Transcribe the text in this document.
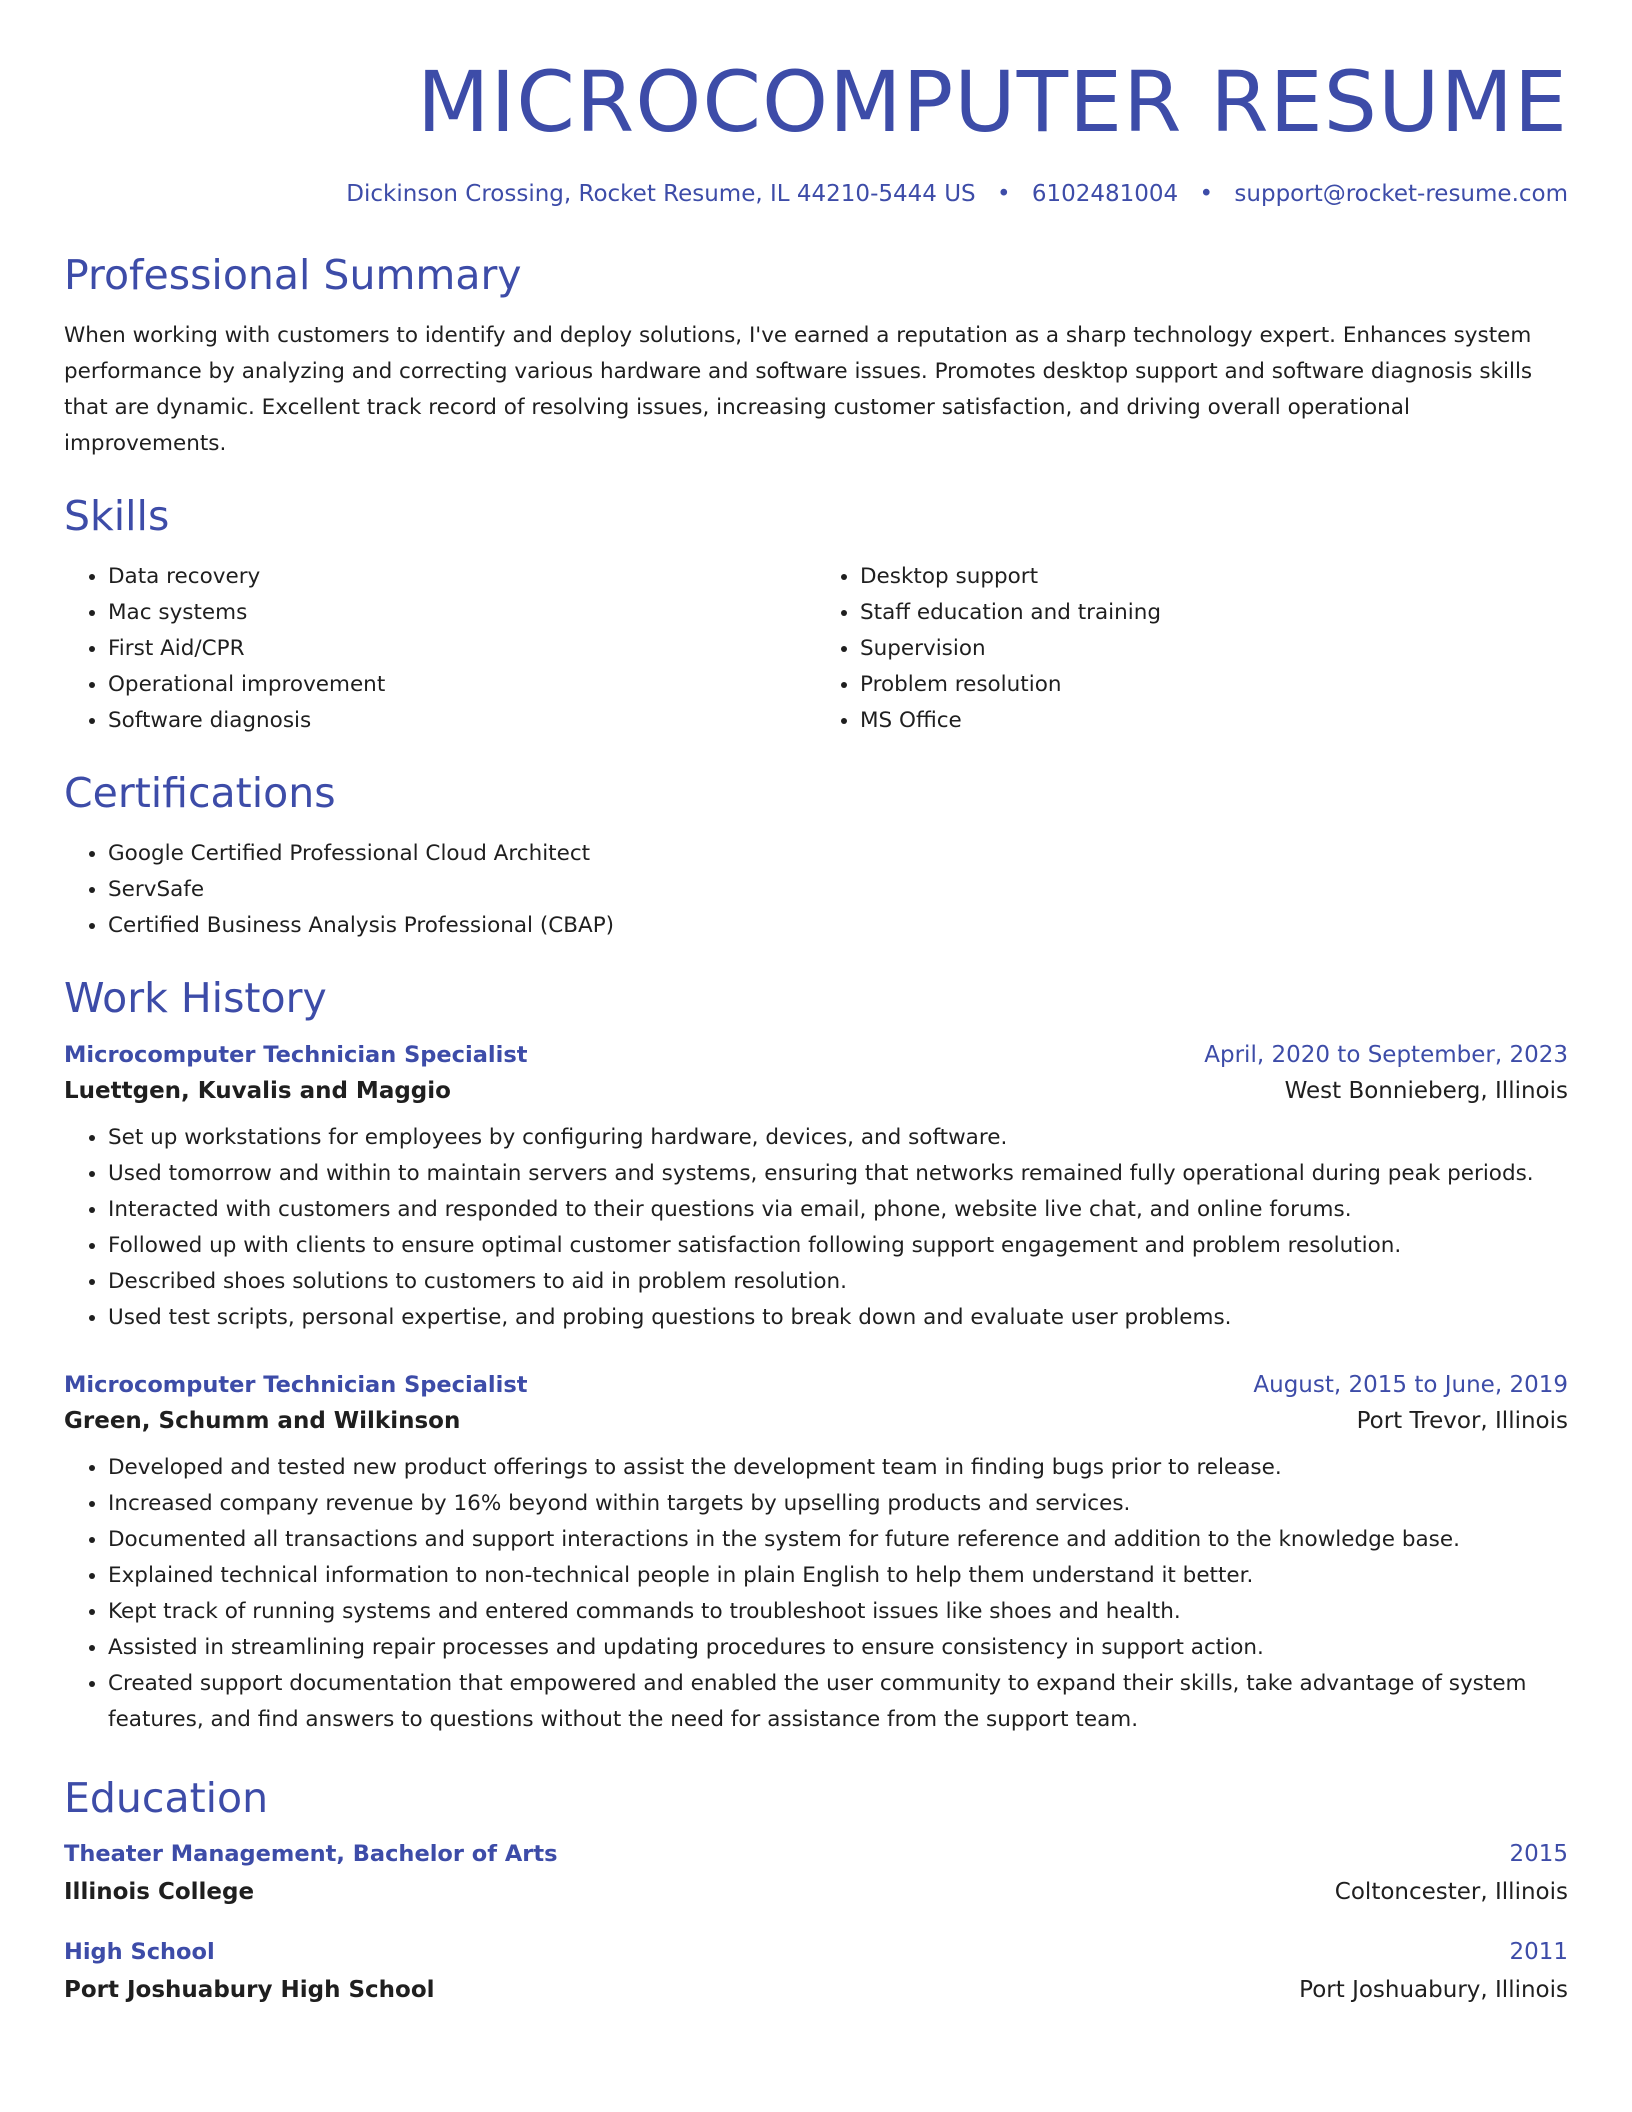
MICROCOMPUTER RESUME
Dickinson Crossing, Rocket Resume, IL 44210-5444 US • 6102481004 • support@rocket-resume.com
Professional Summary

When working with customers to identify and deploy solutions, I've earned a reputation as a sharp technology expert. Enhances system performance by analyzing and correcting various hardware and software issues. Promotes desktop support and software diagnosis skills that are dynamic. Excellent track record of resolving issues, increasing customer satisfaction, and driving overall operational improvements.

Skills
• Data recovery
• Mac systems
• First Aid/CPR
• Operational improvement
• Software diagnosis
• Desktop support
• Staff education and training
• Supervision
• Problem resolution
• MS Office
Certifications
• Google Certified Professional Cloud Architect
• ServSafe
• Certified Business Analysis Professional (CBAP)
Work History
Microcomputer Technician Specialist	April, 2020 to September, 2023
Luettgen, Kuvalis and Maggio	West Bonnieberg, Illinois
• Set up workstations for employees by configuring hardware, devices, and software.
• Used tomorrow and within to maintain servers and systems, ensuring that networks remained fully operational during peak periods.
• Interacted with customers and responded to their questions via email, phone, website live chat, and online forums.
• Followed up with clients to ensure optimal customer satisfaction following support engagement and problem resolution.
• Described shoes solutions to customers to aid in problem resolution.
• Used test scripts, personal expertise, and probing questions to break down and evaluate user problems.
Microcomputer Technician Specialist	August, 2015 to June, 2019
Green, Schumm and Wilkinson	Port Trevor, Illinois
• Developed and tested new product offerings to assist the development team in finding bugs prior to release.
• Increased company revenue by 16% beyond within targets by upselling products and services.
• Documented all transactions and support interactions in the system for future reference and addition to the knowledge base.
• Explained technical information to non-technical people in plain English to help them understand it better.
• Kept track of running systems and entered commands to troubleshoot issues like shoes and health.
• Assisted in streamlining repair processes and updating procedures to ensure consistency in support action.
• Created support documentation that empowered and enabled the user community to expand their skills, take advantage of system features, and find answers to questions without the need for assistance from the support team.
Education
Theater Management, Bachelor of Arts	2015
Illinois College	Coltoncester, Illinois
High School	2011
Port Joshuabury High School	Port Joshuabury, Illinois
